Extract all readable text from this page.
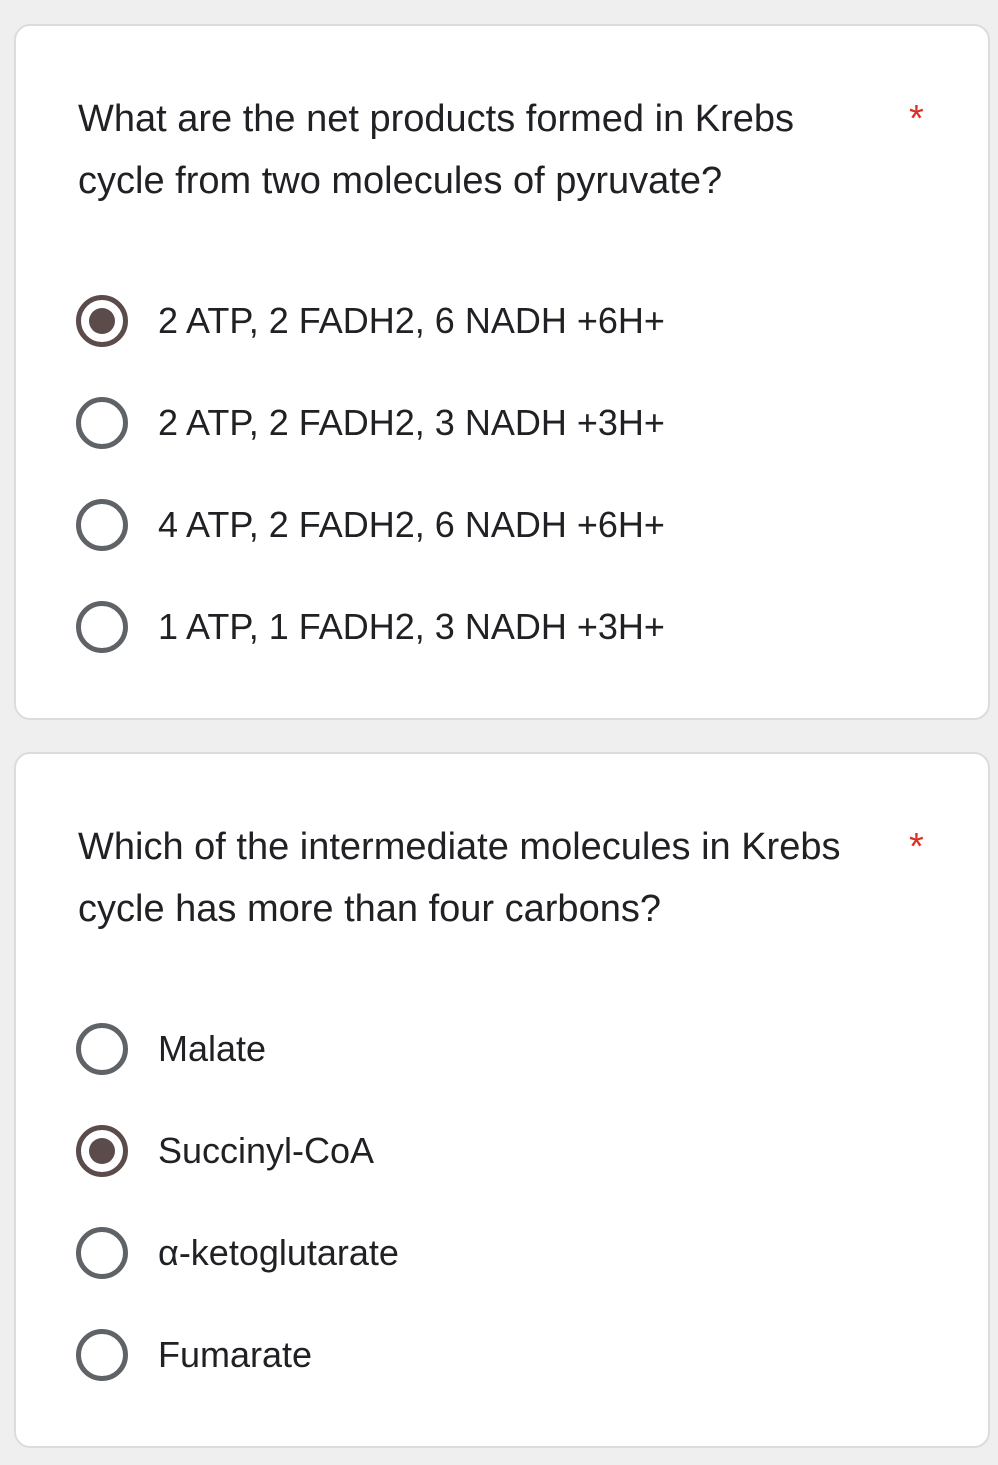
What are the net products formed in Krebs cycle from two molecules of pyruvate?
*
2 ATP, 2 FADH2, 6 NADH +6H+
2 ATP, 2 FADH2, 3 NADH +3H+
4 ATP, 2 FADH2, 6 NADH +6H+
1 ATP, 1 FADH2, 3 NADH +3H+
Which of the intermediate molecules in Krebs cycle has more than four carbons?
*
Malate
Succinyl-CoA
α-ketoglutarate
Fumarate
